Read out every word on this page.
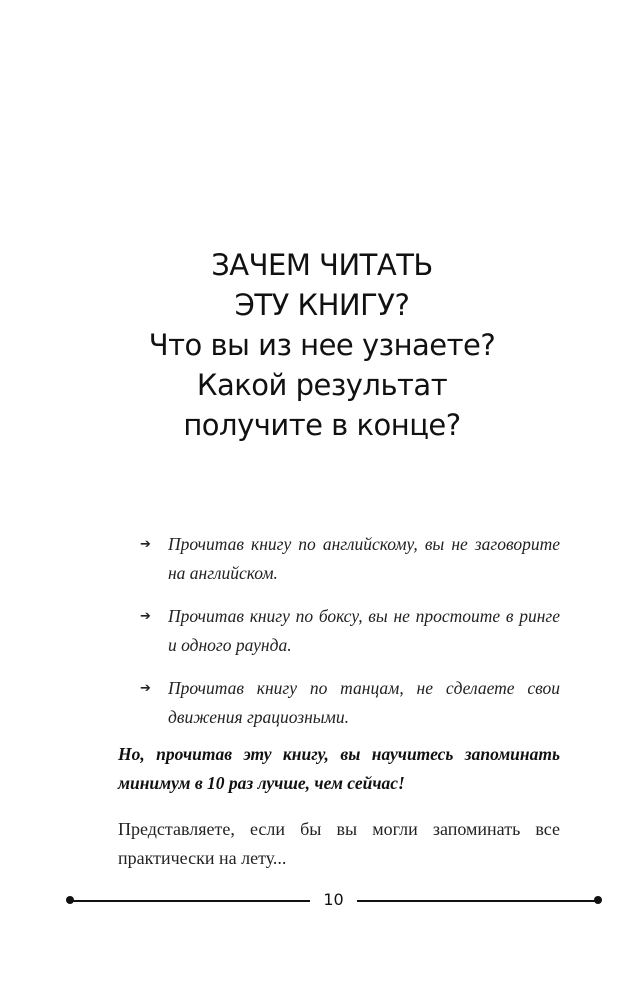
ЗАЧЕМ ЧИТАТЬ
ЭТУ КНИГУ?
Что вы из нее узнаете?
Какой результат
получите в конце?
➔ Прочитав книгу по английскому, вы не заговорите на английском.
➔ Прочитав книгу по боксу, вы не простоите в ринге и одного раунда.
➔ Прочитав книгу по танцам, не сделаете свои движения грациозными.

Но, прочитав эту книгу, вы научитесь запоминать минимум в 10 раз лучше, чем сейчас!

Представляете, если бы вы могли запоминать все практически на лету...

10
